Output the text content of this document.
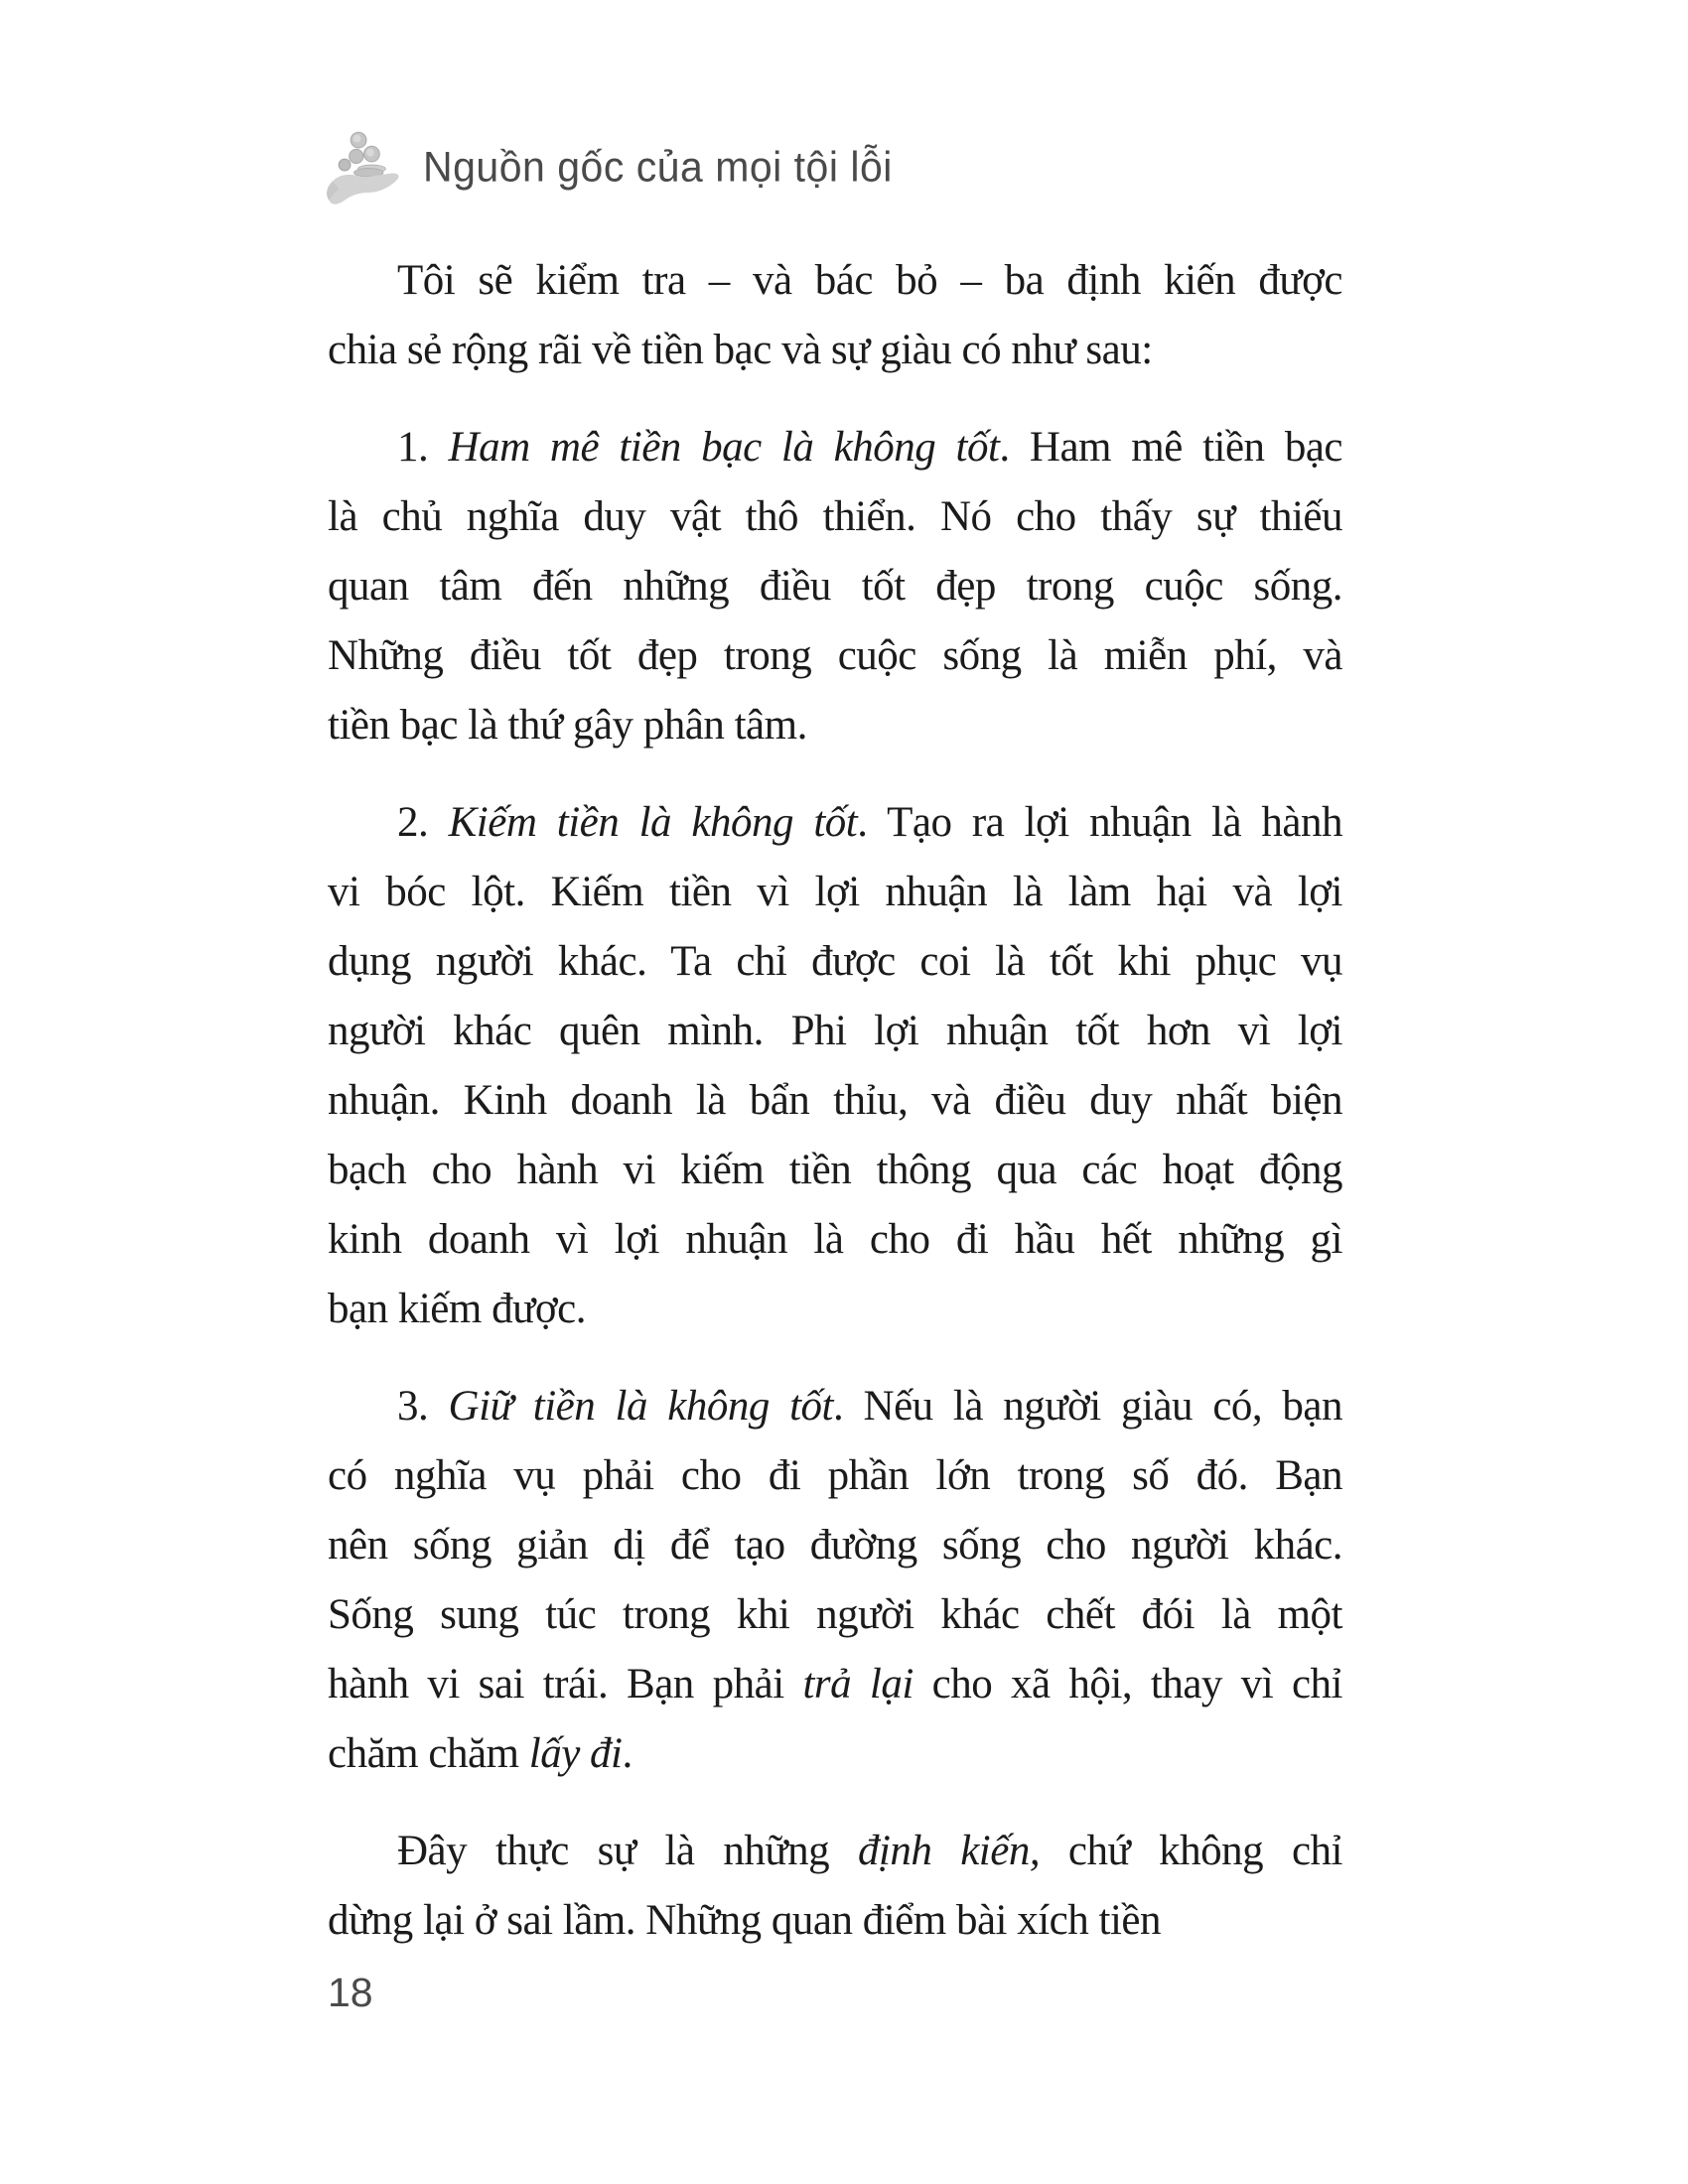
Nguồn gốc của mọi tội lỗi
Tôi sẽ kiểm tra – và bác bỏ – ba định kiến được
chia sẻ rộng rãi về tiền bạc và sự giàu có như sau:
1. Ham mê tiền bạc là không tốt. Ham mê tiền bạc
là chủ nghĩa duy vật thô thiển. Nó cho thấy sự thiếu
quan tâm đến những điều tốt đẹp trong cuộc sống.
Những điều tốt đẹp trong cuộc sống là miễn phí, và
tiền bạc là thứ gây phân tâm.
2. Kiếm tiền là không tốt. Tạo ra lợi nhuận là hành
vi bóc lột. Kiếm tiền vì lợi nhuận là làm hại và lợi
dụng người khác. Ta chỉ được coi là tốt khi phục vụ
người khác quên mình. Phi lợi nhuận tốt hơn vì lợi
nhuận. Kinh doanh là bẩn thỉu, và điều duy nhất biện
bạch cho hành vi kiếm tiền thông qua các hoạt động
kinh doanh vì lợi nhuận là cho đi hầu hết những gì
bạn kiếm được.
3. Giữ tiền là không tốt. Nếu là người giàu có, bạn
có nghĩa vụ phải cho đi phần lớn trong số đó. Bạn
nên sống giản dị để tạo đường sống cho người khác.
Sống sung túc trong khi người khác chết đói là một
hành vi sai trái. Bạn phải trả lại cho xã hội, thay vì chỉ
chăm chăm lấy đi.
Đây thực sự là những định kiến, chứ không chỉ
dừng lại ở sai lầm. Những quan điểm bài xích tiền
18
